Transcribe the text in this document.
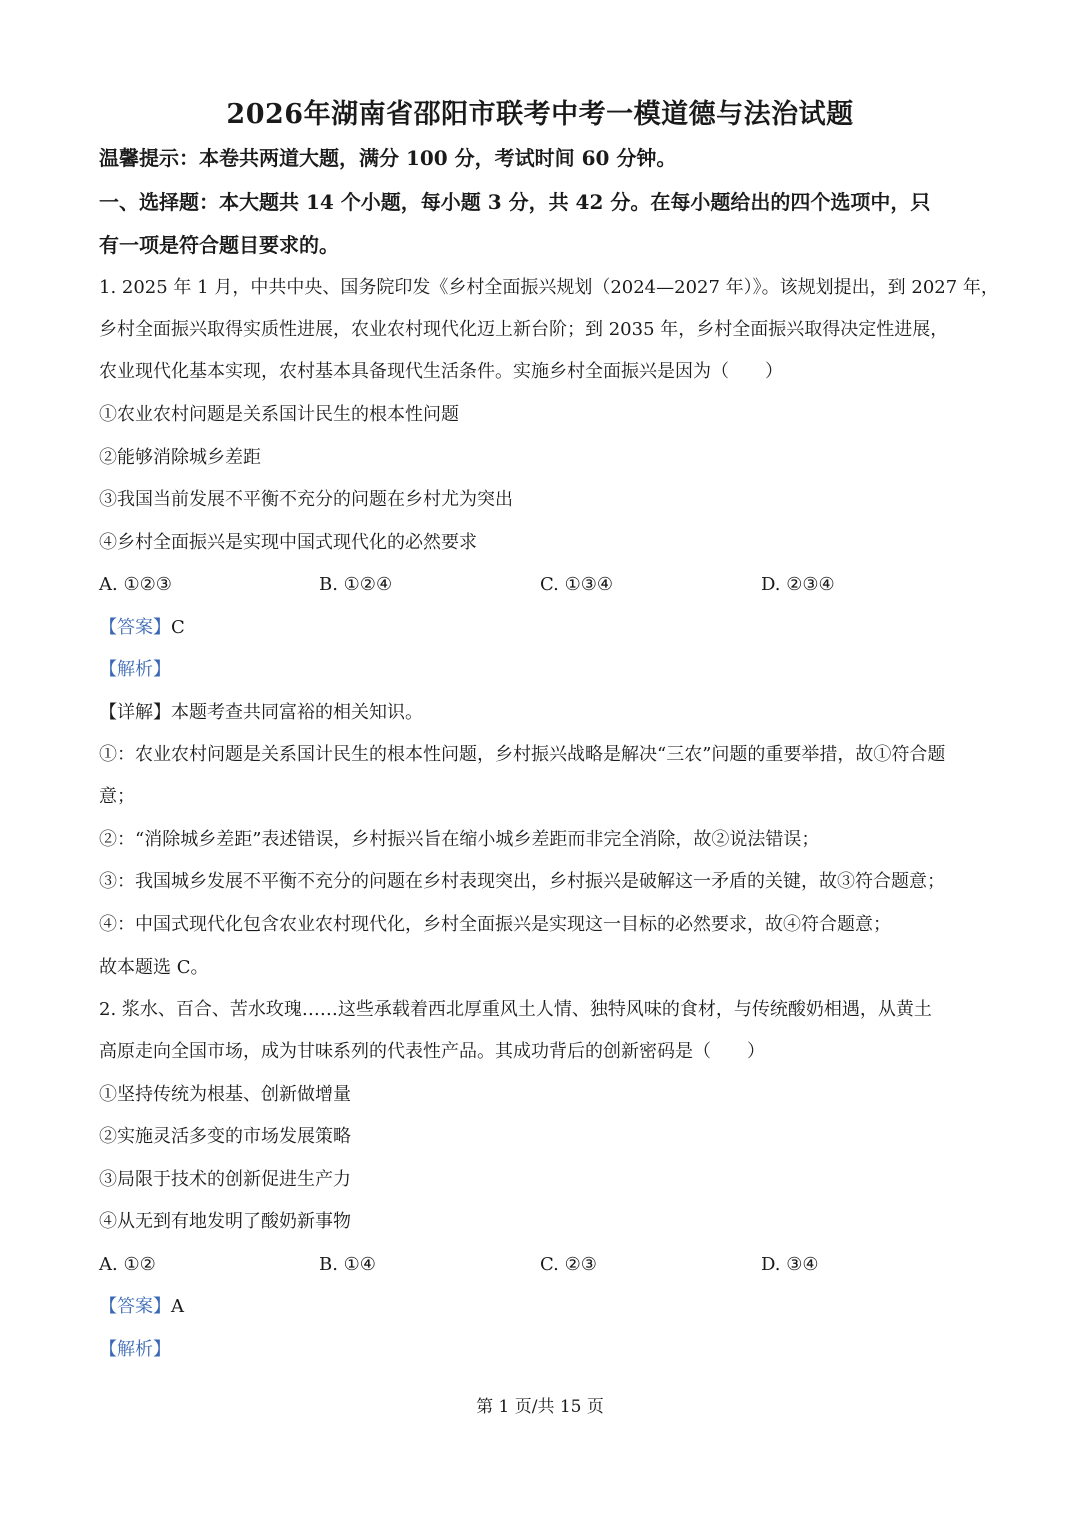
2026年湖南省邵阳市联考中考一模道德与法治试题
温馨提示：本卷共两道大题，满分 100 分，考试时间 60 分钟。
一、选择题：本大题共 14 个小题，每小题 3 分，共 42 分。在每小题给出的四个选项中，只
有一项是符合题目要求的。
1. 2025 年 1 月，中共中央、国务院印发《乡村全面振兴规划（2024—2027 年）》。该规划提出，到 2027 年，
乡村全面振兴取得实质性进展，农业农村现代化迈上新台阶；到 2035 年，乡村全面振兴取得决定性进展，
农业现代化基本实现，农村基本具备现代生活条件。实施乡村全面振兴是因为（　　）
①农业农村问题是关系国计民生的根本性问题
②能够消除城乡差距
③我国当前发展不平衡不充分的问题在乡村尤为突出
④乡村全面振兴是实现中国式现代化的必然要求
A. ①②③	B. ①②④	C. ①③④	D. ②③④
【答案】C
【解析】
【详解】本题考查共同富裕的相关知识。
①：农业农村问题是关系国计民生的根本性问题，乡村振兴战略是解决“三农”问题的重要举措，故①符合题
意；
②：“消除城乡差距”表述错误，乡村振兴旨在缩小城乡差距而非完全消除，故②说法错误；
③：我国城乡发展不平衡不充分的问题在乡村表现突出，乡村振兴是破解这一矛盾的关键，故③符合题意；
④：中国式现代化包含农业农村现代化，乡村全面振兴是实现这一目标的必然要求，故④符合题意；
故本题选 C。
2. 浆水、百合、苦水玫瑰……这些承载着西北厚重风土人情、独特风味的食材，与传统酸奶相遇，从黄土
高原走向全国市场，成为甘味系列的代表性产品。其成功背后的创新密码是（　　）
①坚持传统为根基、创新做增量
②实施灵活多变的市场发展策略
③局限于技术的创新促进生产力
④从无到有地发明了酸奶新事物
A. ①②	B. ①④	C. ②③	D. ③④
【答案】A
【解析】
第 1 页/共 15 页
